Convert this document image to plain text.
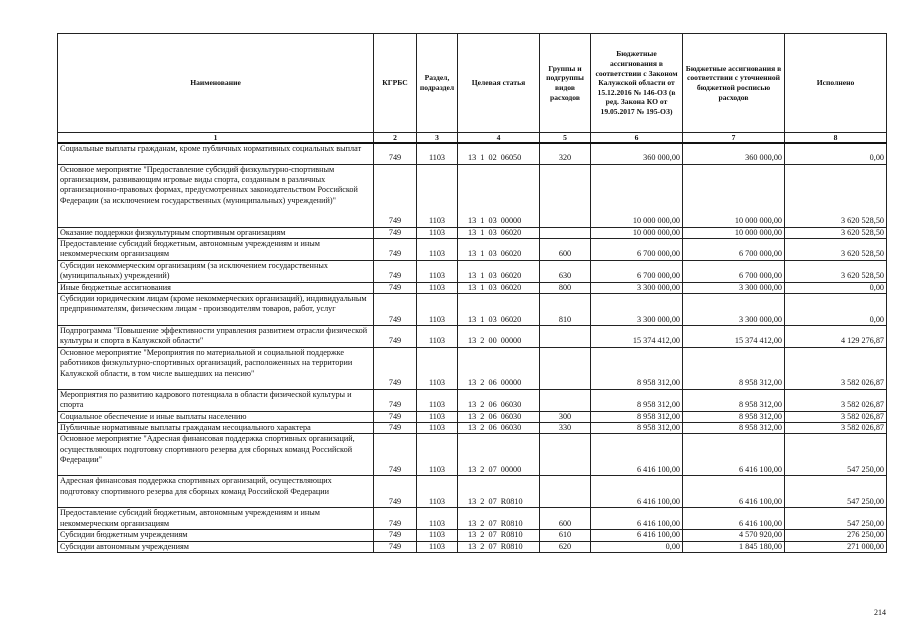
Наименование	КГРБС	Раздел, подраздел	Целевая статья	Группы и подгруппы видов расходов	Бюджетные ассигнования в соответствии с Законом Калужской области от 15.12.2016 № 146-ОЗ (в ред. Закона КО от 19.05.2017 № 195-ОЗ)	Бюджетные ассигнования в соответствии с уточненной бюджетной росписью расходов	Исполнено
1	2	3	4	5	6	7	8
Социальные выплаты гражданам, кроме публичных нормативных социальных выплат	749	1103	13  1  02  06050	320	360 000,00	360 000,00	0,00
Основное мероприятие "Предоставление субсидий физкультурно-спортивным организациям, развивающим игровые виды спорта, созданным в различных организационно-правовых формах, предусмотренных законодательством Российской Федерации (за исключением государственных (муниципальных) учреждений)"	749	1103	13  1  03  00000		10 000 000,00	10 000 000,00	3 620 528,50
Оказание поддержки физкультурным спортивным организациям	749	1103	13  1  03  06020		10 000 000,00	10 000 000,00	3 620 528,50
Предоставление субсидий бюджетным, автономным учреждениям и иным некоммерческим организациям	749	1103	13  1  03  06020	600	6 700 000,00	6 700 000,00	3 620 528,50
Субсидии некоммерческим организациям (за исключением государственных (муниципальных) учреждений)	749	1103	13  1  03  06020	630	6 700 000,00	6 700 000,00	3 620 528,50
Иные бюджетные ассигнования	749	1103	13  1  03  06020	800	3 300 000,00	3 300 000,00	0,00
Субсидии юридическим лицам (кроме некоммерческих организаций), индивидуальным предпринимателям, физическим лицам - производителям товаров, работ, услуг	749	1103	13  1  03  06020	810	3 300 000,00	3 300 000,00	0,00
Подпрограмма "Повышение эффективности управления развитием отрасли физической культуры и спорта в Калужской области"	749	1103	13  2  00  00000		15 374 412,00	15 374 412,00	4 129 276,87
Основное мероприятие "Мероприятия по материальной и социальной поддержке работников физкультурно-спортивных организаций, расположенных на территории Калужской области, в том числе вышедших на пенсию"	749	1103	13  2  06  00000		8 958 312,00	8 958 312,00	3 582 026,87
Мероприятия по развитию кадрового потенциала в области физической культуры и спорта	749	1103	13  2  06  06030		8 958 312,00	8 958 312,00	3 582 026,87
Социальное обеспечение и иные выплаты населению	749	1103	13  2  06  06030	300	8 958 312,00	8 958 312,00	3 582 026,87
Публичные нормативные выплаты гражданам несоциального характера	749	1103	13  2  06  06030	330	8 958 312,00	8 958 312,00	3 582 026,87
Основное мероприятие "Адресная финансовая поддержка спортивных организаций, осуществляющих подготовку спортивного резерва для сборных команд Российской Федерации"	749	1103	13  2  07  00000		6 416 100,00	6 416 100,00	547 250,00
Адресная финансовая поддержка спортивных организаций, осуществляющих подготовку спортивного резерва для сборных команд Российской Федерации	749	1103	13  2  07  R0810		6 416 100,00	6 416 100,00	547 250,00
Предоставление субсидий бюджетным, автономным учреждениям и иным некоммерческим организациям	749	1103	13  2  07  R0810	600	6 416 100,00	6 416 100,00	547 250,00
Субсидии бюджетным учреждениям	749	1103	13  2  07  R0810	610	6 416 100,00	4 570 920,00	276 250,00
Субсидии автономным учреждениям	749	1103	13  2  07  R0810	620	0,00	1 845 180,00	271 000,00
214
